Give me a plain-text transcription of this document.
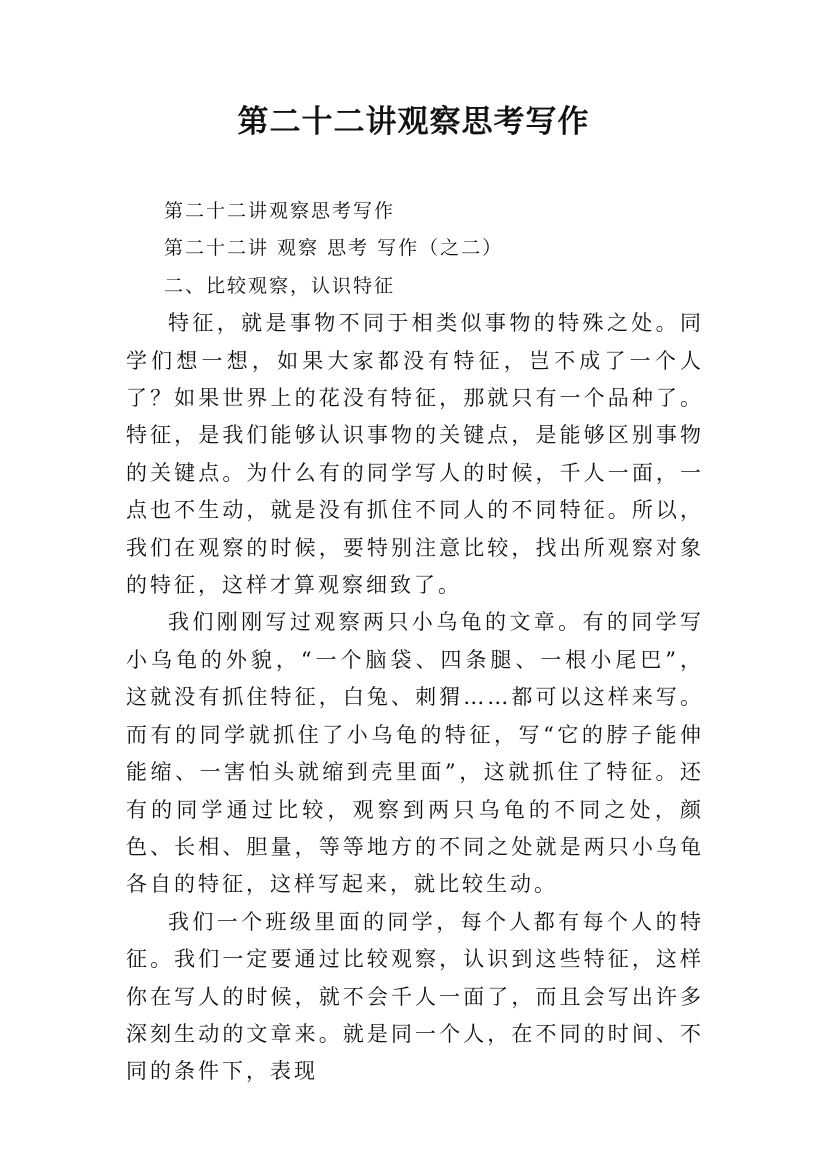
第二十二讲观察思考写作

第二十二讲观察思考写作

第二十二讲 观察 思考 写作（之二）

二、比较观察，认识特征

特征，就是事物不同于相类似事物的特殊之处。同学们想一想，如果大家都没有特征，岂不成了一个人了？如果世界上的花没有特征，那就只有一个品种了。特征，是我们能够认识事物的关键点，是能够区别事物的关键点。为什么有的同学写人的时候，千人一面，一点也不生动，就是没有抓住不同人的不同特征。所以，我们在观察的时候，要特别注意比较，找出所观察对象的特征，这样才算观察细致了。

我们刚刚写过观察两只小乌龟的文章。有的同学写小乌龟的外貌，“一个脑袋、四条腿、一根小尾巴”，这就没有抓住特征，白兔、刺猬……都可以这样来写。而有的同学就抓住了小乌龟的特征，写“它的脖子能伸能缩、一害怕头就缩到壳里面”，这就抓住了特征。还有的同学通过比较，观察到两只乌龟的不同之处，颜色、长相、胆量，等等地方的不同之处就是两只小乌龟各自的特征，这样写起来，就比较生动。

我们一个班级里面的同学，每个人都有每个人的特征。我们一定要通过比较观察，认识到这些特征，这样你在写人的时候，就不会千人一面了，而且会写出许多深刻生动的文章来。就是同一个人，在不同的时间、不同的条件下，表现
